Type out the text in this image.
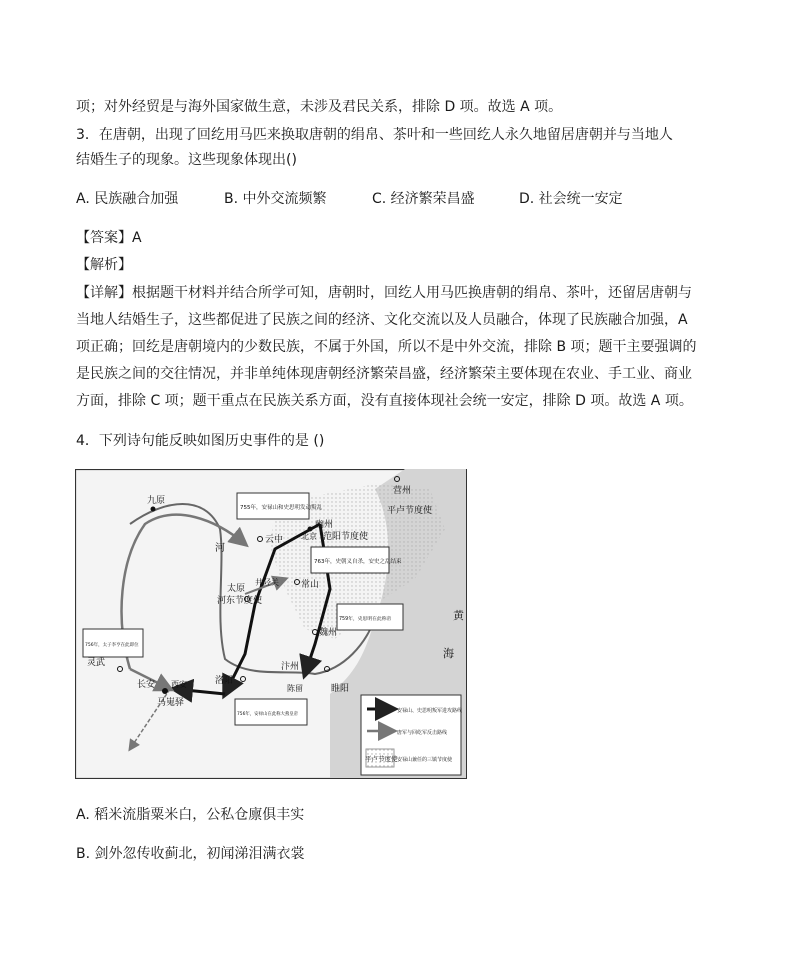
项；对外经贸是与海外国家做生意，未涉及君民关系，排除 D 项。故选 A 项。
3．在唐朝，出现了回纥用马匹来换取唐朝的绢帛、茶叶和一些回纥人永久地留居唐朝并与当地人
结婚生子的现象。这些现象体现出()
A. 民族融合加强	B. 中外交流频繁	C. 经济繁荣昌盛	D. 社会统一安定
【答案】A
【解析】
【详解】根据题干材料并结合所学可知，唐朝时，回纥人用马匹换唐朝的绢帛、茶叶，还留居唐朝与
当地人结婚生子，这些都促进了民族之间的经济、文化交流以及人员融合，体现了民族融合加强，A
项正确；回纥是唐朝境内的少数民族，不属于外国，所以不是中外交流，排除 B 项；题干主要强调的
是民族之间的交往情况，并非单纯体现唐朝经济繁荣昌盛，经济繁荣主要体现在农业、手工业、商业
方面，排除 C 项；题干重点在民族关系方面，没有直接体现社会统一安定，排除 D 项。故选 A 项。
4．下列诗句能反映如图历史事件的是 ()
九原
云中
灵武
太原
河东节度使
井陉关 常山
幽州
北京 范阳节度使
营州
平卢节度使
魏州
长安 西安	洛阳
马嵬驿
汴州
陈留	睢阳
黄
海
河
755年，安禄山和史思明发动叛乱
763年，史朝义自杀，安史之乱结束
756年，太子李亨在此即位
759年，史思明在此称帝
756年，安禄山在此称大燕皇帝
安禄山、史思明叛军进攻路线
唐军与回纥军反击路线
平卢节度使 安禄山兼任的三镇节度使
A. 稻米流脂粟米白，公私仓廪俱丰实
B. 剑外忽传收蓟北，初闻涕泪满衣裳
